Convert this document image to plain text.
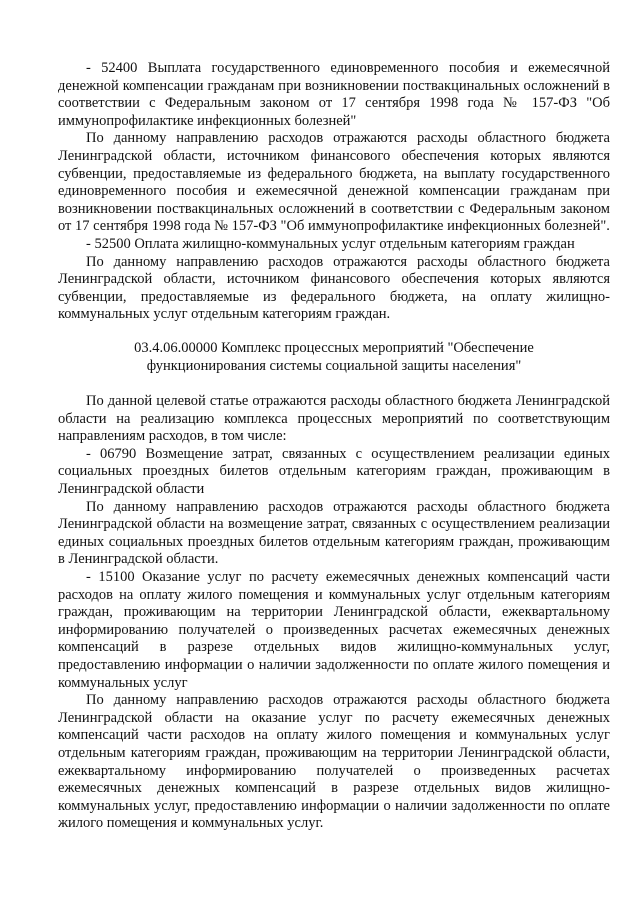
- 52400 Выплата государственного единовременного пособия и ежемесячной денежной компенсации гражданам при возникновении поствакцинальных осложнений в соответствии с Федеральным законом от 17 сентября 1998 года № 157-ФЗ "Об иммунопрофилактике инфекционных болезней"

По данному направлению расходов отражаются расходы областного бюджета Ленинградской области, источником финансового обеспечения которых являются субвенции, предоставляемые из федерального бюджета, на выплату государственного единовременного пособия и ежемесячной денежной компенсации гражданам при возникновении поствакцинальных осложнений в соответствии с Федеральным законом от 17 сентября 1998 года № 157-ФЗ "Об иммунопрофилактике инфекционных болезней".

- 52500 Оплата жилищно-коммунальных услуг отдельным категориям граждан

По данному направлению расходов отражаются расходы областного бюджета Ленинградской области, источником финансового обеспечения которых являются субвенции, предоставляемые из федерального бюджета, на оплату жилищно-коммунальных услуг отдельным категориям граждан.

03.4.06.00000 Комплекс процессных мероприятий "Обеспечение

функционирования системы социальной защиты населения"

По данной целевой статье отражаются расходы областного бюджета Ленинградской области на реализацию комплекса процессных мероприятий по соответствующим направлениям расходов, в том числе:

- 06790 Возмещение затрат, связанных с осуществлением реализации единых социальных проездных билетов отдельным категориям граждан, проживающим в Ленинградской области

По данному направлению расходов отражаются расходы областного бюджета Ленинградской области на возмещение затрат, связанных с осуществлением реализации единых социальных проездных билетов отдельным категориям граждан, проживающим в Ленинградской области.

- 15100 Оказание услуг по расчету ежемесячных денежных компенсаций части расходов на оплату жилого помещения и коммунальных услуг отдельным категориям граждан, проживающим на территории Ленинградской области, ежеквартальному информированию получателей о произведенных расчетах ежемесячных денежных компенсаций в разрезе отдельных видов жилищно-коммунальных услуг, предоставлению информации о наличии задолженности по оплате жилого помещения и коммунальных услуг

По данному направлению расходов отражаются расходы областного бюджета Ленинградской области на оказание услуг по расчету ежемесячных денежных компенсаций части расходов на оплату жилого помещения и коммунальных услуг отдельным категориям граждан, проживающим на территории Ленинградской области, ежеквартальному информированию получателей о произведенных расчетах ежемесячных денежных компенсаций в разрезе отдельных видов жилищно-коммунальных услуг, предоставлению информации о наличии задолженности по оплате жилого помещения и коммунальных услуг.
